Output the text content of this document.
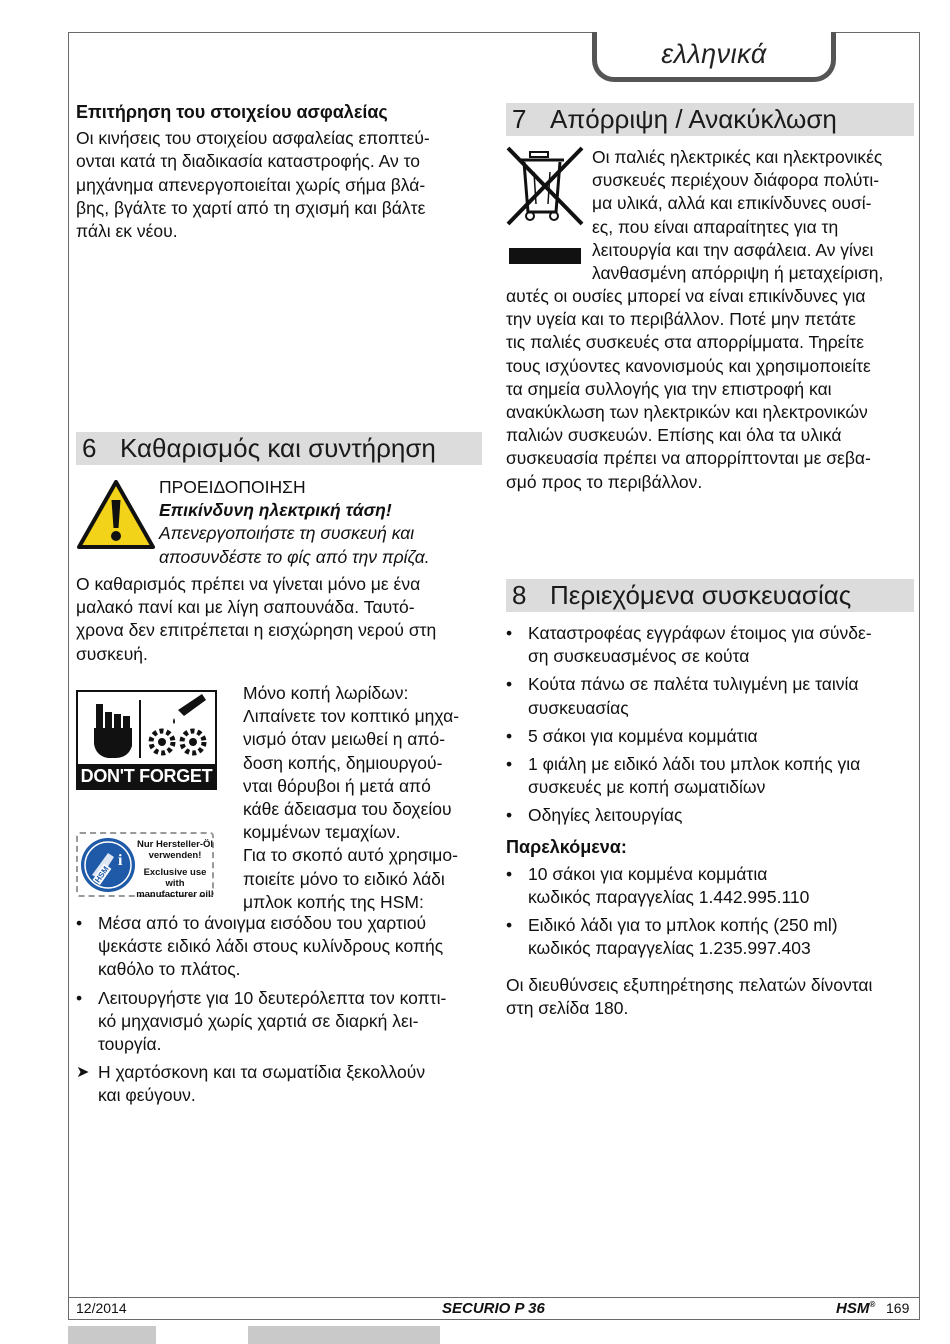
ελληνικά

Επιτήρηση του στοιχείου ασφαλείας

Οι κινήσεις του στοιχείου ασφαλείας εποπτεύ-

ονται κατά τη διαδικασία καταστροφής. Αν το

μηχάνημα απενεργοποιείται χωρίς σήμα βλά-

βης, βγάλτε το χαρτί από τη σχισμή και βάλτε

πάλι εκ νέου.

6 Καθαρισμός και συντήρηση

ΠΡΟΕΙΔΟΠΟΙΗΣΗ

Επικίνδυνη ηλεκτρική τάση!

Απενεργοποιήστε τη συσκευή και

αποσυνδέστε το φίς από την πρίζα.

Ο καθαρισμός πρέπει να γίνεται μόνο με ένα

μαλακό πανί και με λίγη σαπουνάδα. Ταυτό-

χρονα δεν επιτρέπεται η εισχώρηση νερού στη

συσκευή.

DON'T FORGET
i
HSM
Nur Hersteller-Öl
verwenden!
Exclusive use with
manufacturer oil!

Μόνο κοπή λωρίδων:

Λιπαίνετε τον κοπτικό μηχα-

νισμό όταν μειωθεί η από-

δοση κοπής, δημιουργού-

νται θόρυβοι ή μετά από

κάθε άδειασμα του δοχείου

κομμένων τεμαχίων.

Για το σκοπό αυτό χρησιμο-

ποιείτε μόνο το ειδικό λάδι

μπλοκ κοπής της HSM:

• Μέσα από το άνοιγμα εισόδου του χαρτιού

ψεκάστε ειδικό λάδι στους κυλίνδρους κοπής

καθόλο το πλάτος.

• Λειτουργήστε για 10 δευτερόλεπτα τον κοπτι-

κό μηχανισμό χωρίς χαρτιά σε διαρκή λει-

τουργία.

➤ Η χαρτόσκονη και τα σωματίδια ξεκολλούν

και φεύγουν.

7 Απόρριψη / Ανακύκλωση

Οι παλιές ηλεκτρικές και ηλεκτρονικές

συσκευές περιέχουν διάφορα πολύτι-

μα υλικά, αλλά και επικίνδυνες ουσί-

ες, που είναι απαραίτητες για τη

λειτουργία και την ασφάλεια. Αν γίνει

λανθασμένη απόρριψη ή μεταχείριση,

αυτές οι ουσίες μπορεί να είναι επικίνδυνες για

την υγεία και το περιβάλλον. Ποτέ μην πετάτε

τις παλιές συσκευές στα απορρίμματα. Τηρείτε

τους ισχύοντες κανονισμούς και χρησιμοποιείτε

τα σημεία συλλογής για την επιστροφή και

ανακύκλωση των ηλεκτρικών και ηλεκτρονικών

παλιών συσκευών. Επίσης και όλα τα υλικά

συσκευασία πρέπει να απορρίπτονται με σεβα-

σμό προς το περιβάλλον.

8 Περιεχόμενα συσκευασίας

• Καταστροφέας εγγράφων έτοιμος για σύνδε-

ση συσκευασμένος σε κούτα

• Κούτα πάνω σε παλέτα τυλιγμένη με ταινία

συσκευασίας

• 5 σάκοι για κομμένα κομμάτια

• 1 φιάλη με ειδικό λάδι του μπλοκ κοπής για

συσκευές με κοπή σωματιδίων

• Οδηγίες λειτουργίας

Παρελκόμενα:

• 10 σάκοι για κομμένα κομμάτια

κωδικός παραγγελίας 1.442.995.110

• Ειδικό λάδι για το μπλοκ κοπής (250 ml)

κωδικός παραγγελίας 1.235.997.403

Οι διευθύνσεις εξυπηρέτησης πελατών δίνονται

στη σελίδα 180.

12/2014	SECURIO P 36	HSM® 169
